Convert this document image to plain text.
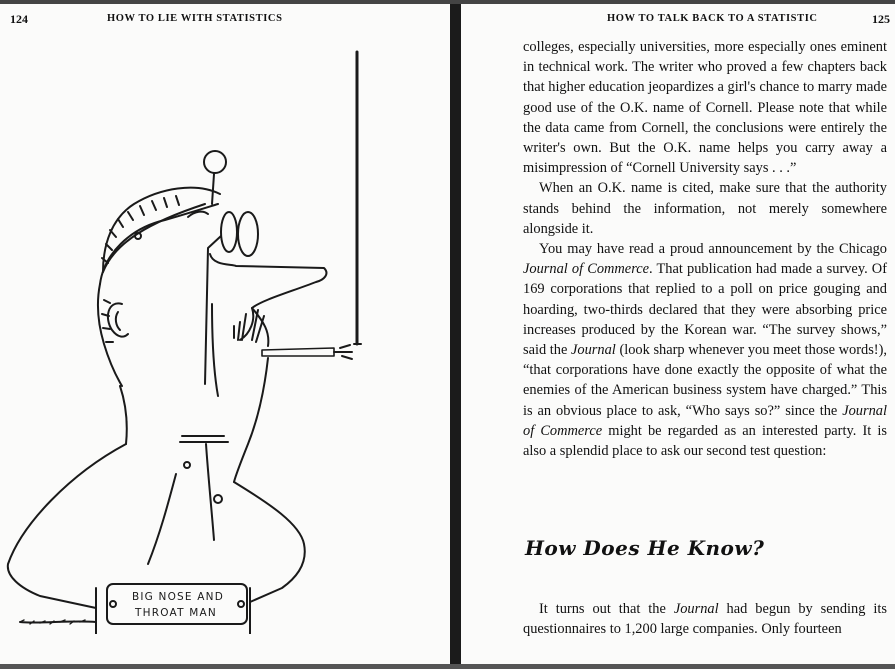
124	HOW TO LIE WITH STATISTICS
BIG NOSE AND
THROAT MAN
HOW TO TALK BACK TO A STATISTIC	125

colleges, especially universities, more especially ones eminent in technical work. The writer who proved a few chapters back that higher education jeopardizes a girl's chance to marry made good use of the O.K. name of Cornell. Please note that while the data came from Cornell, the conclusions were entirely the writer's own. But the O.K. name helps you carry away a misimpression of “Cornell University says . . .”

When an O.K. name is cited, make sure that the authority stands behind the information, not merely somewhere alongside it.

You may have read a proud announcement by the Chicago Journal of Commerce. That publication had made a survey. Of 169 corporations that replied to a poll on price gouging and hoarding, two-thirds declared that they were absorbing price increases produced by the Korean war. “The survey shows,” said the Journal (look sharp whenever you meet those words!), “that corporations have done exactly the opposite of what the enemies of the American business system have charged.” This is an obvious place to ask, “Who says so?” since the Journal of Commerce might be regarded as an interested party. It is also a splendid place to ask our second test question:

How Does He Know?

It turns out that the Journal had begun by sending its questionnaires to 1,200 large companies. Only fourteen
